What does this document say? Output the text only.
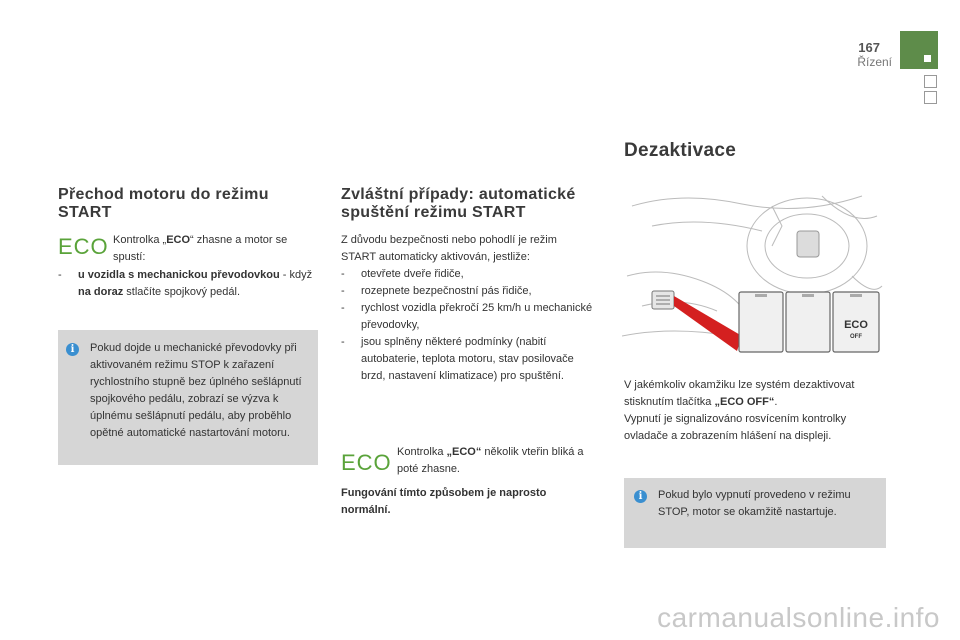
167
Řízení
Přechod motoru do režimu START
ECO Kontrolka „ECO“ zhasne a motor se spustí:
-	u vozidla s mechanickou převodovkou - když na doraz stlačíte spojkový pedál.
i	Pokud dojde u mechanické převodovky při aktivovaném režimu STOP k zařazení rychlostního stupně bez úplného sešlápnutí spojkového pedálu, zobrazí se výzva k úplnému sešlápnutí pedálu, aby proběhlo opětné automatické nastartování motoru.
Zvláštní případy: automatické spuštění režimu START
Z důvodu bezpečnosti nebo pohodlí je režim START automaticky aktivován, jestliže:
- otevřete dveře řidiče,
- rozepnete bezpečnostní pás řidiče,
- rychlost vozidla překročí 25 km/h u mechanické převodovky,
- jsou splněny některé podmínky (nabití autobaterie, teplota motoru, stav posilovače brzd, nastavení klimatizace) pro spuštění.
ECO Kontrolka „ECO“ několik vteřin bliká a poté zhasne.
Fungování tímto způsobem je naprosto normální.
Dezaktivace
ECO
OFF
V jakémkoliv okamžiku lze systém dezaktivovat stisknutím tlačítka „ECO OFF“.
Vypnutí je signalizováno rosvícením kontrolky ovladače a zobrazením hlášení na displeji.
i	Pokud bylo vypnutí provedeno v režimu STOP, motor se okamžitě nastartuje.
carmanualsonline.info
